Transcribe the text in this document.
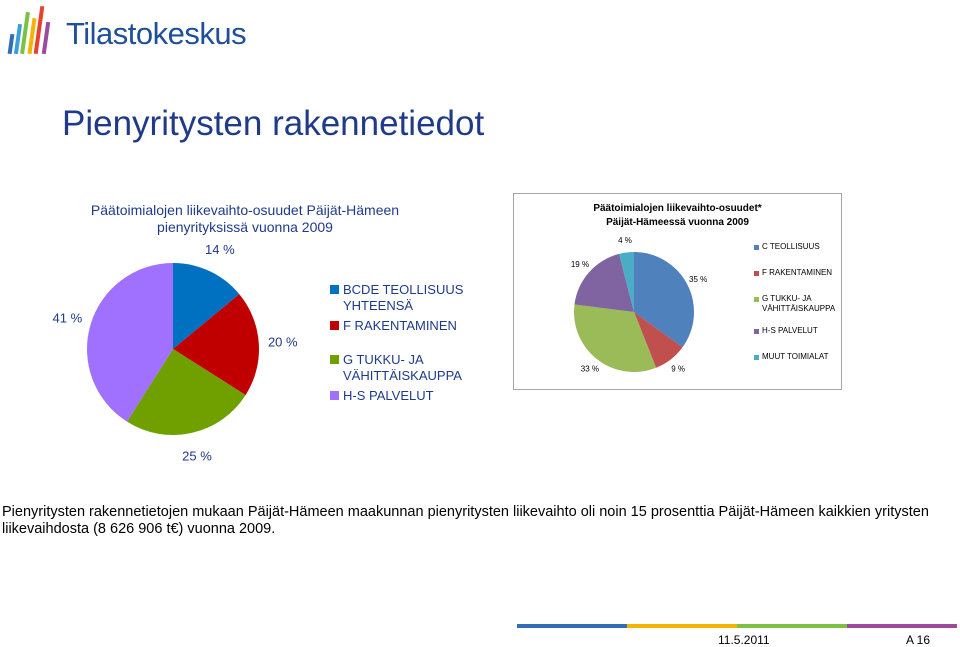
Tilastokeskus
Pienyritysten rakennetiedot
Päätoimialojen liikevaihto-osuudet Päijät-Hämeen
pienyrityksissä vuonna 2009
14 %
20 %
25 %
41 %
BCDE TEOLLISUUS YHTEENSÄ
F RAKENTAMINEN
G TUKKU- JA VÄHITTÄISKAUPPA
H-S PALVELUT
Päätoimialojen liikevaihto-osuudet*
Päijät-Hämeessä vuonna 2009
35 %
9 %
33 %
19 %
4 %
C TEOLLISUUS
F RAKENTAMINEN
G TUKKU- JA VÄHITTÄISKAUPPA
H-S PALVELUT
MUUT TOIMIALAT
Pienyritysten rakennetietojen mukaan Päijät-Hämeen maakunnan pienyritysten liikevaihto oli noin 15 prosenttia Päijät-Hämeen kaikkien yritysten liikevaihdosta (8 626 906 t€) vuonna 2009.
11.5.2011	A 16
